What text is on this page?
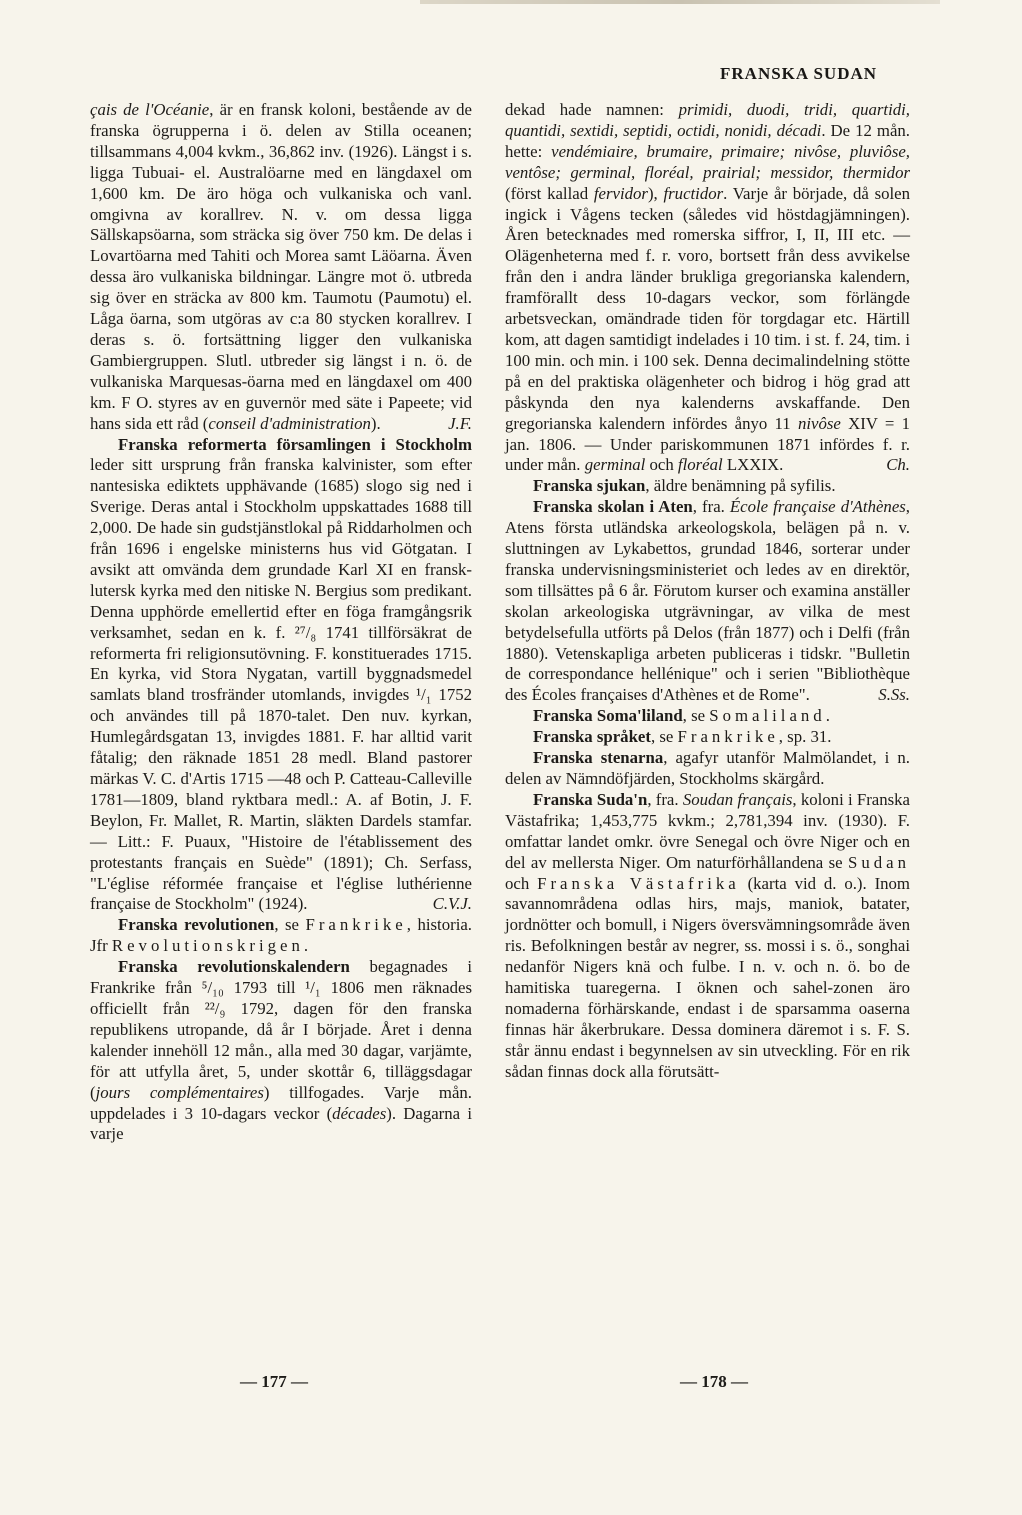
FRANSKA SUDAN

çais de l'Océanie, är en fransk koloni, bestående av de franska ögrupperna i ö. delen av Stilla oceanen; tillsammans 4,004 kvkm., 36,862 inv. (1926). Längst i s. ligga Tubuai- el. Australöarne med en längdaxel om 1,600 km. De äro höga och vulkaniska och vanl. omgivna av korallrev. N. v. om dessa ligga Sällskapsöarna, som sträcka sig över 750 km. De delas i Lovartöarna med Tahiti och Morea samt Läöarna. Även dessa äro vulkaniska bildningar. Längre mot ö. utbreda sig över en sträcka av 800 km. Taumotu (Paumotu) el. Låga öarna, som utgöras av c:a 80 stycken korallrev. I deras s. ö. fortsättning ligger den vulkaniska Gambiergruppen. Slutl. utbreder sig längst i n. ö. de vulkaniska Marquesas-öarna med en längdaxel om 400 km. F O. styres av en guvernör med säte i Papeete; vid hans sida ett råd (conseil d'administration).	J.F.

Franska reformerta församlingen i Stockholm leder sitt ursprung från franska kalvinister, som efter nantesiska ediktets upphävande (1685) slogo sig ned i Sverige. Deras antal i Stockholm uppskattades 1688 till 2,000. De hade sin gudstjänstlokal på Riddarholmen och från 1696 i engelske ministerns hus vid Götgatan. I avsikt att omvända dem grundade Karl XI en fransk-lutersk kyrka med den nitiske N. Bergius som predikant. Denna upphörde emellertid efter en föga framgångsrik verksamhet, sedan en k. f. ²⁷/₈ 1741 tillförsäkrat de reformerta fri religionsutövning. F. konstituerades 1715. En kyrka, vid Stora Nygatan, vartill byggnadsmedel samlats bland trosfränder utomlands, invigdes ¹/₁ 1752 och användes till på 1870-talet. Den nuv. kyrkan, Humlegårdsgatan 13, invigdes 1881. F. har alltid varit fåtalig; den räknade 1851 28 medl. Bland pastorer märkas V. C. d'Artis 1715 —48 och P. Catteau-Calleville 1781—1809, bland ryktbara medl.: A. af Botin, J. F. Beylon, Fr. Mallet, R. Martin, släkten Dardels stamfar. — Litt.: F. Puaux, "Histoire de l'établissement des protestants français en Suède" (1891); Ch. Serfass, "L'église réformée française et l'église luthérienne française de Stockholm" (1924).	C.V.J.

Franska revolutionen, se Frankrike, historia. Jfr Revolutionskrigen.

Franska revolutionskalendern begagnades i Frankrike från ⁵/₁₀ 1793 till ¹/₁ 1806 men räknades officiellt från ²²/₉ 1792, dagen för den franska republikens utropande, då år I började. Året i denna kalender innehöll 12 mån., alla med 30 dagar, varjämte, för att utfylla året, 5, under skottår 6, tilläggsdagar (jours complémentaires) tillfogades. Varje mån. uppdelades i 3 10-dagars veckor (décades). Dagarna i varje

dekad hade namnen: primidi, duodi, tridi, quartidi, quantidi, sextidi, septidi, octidi, nonidi, décadi. De 12 mån. hette: vendémiaire, brumaire, primaire; nivôse, pluviôse, ventôse; germinal, floréal, prairial; messidor, thermidor (först kallad fervidor), fructidor. Varje år började, då solen ingick i Vågens tecken (således vid höstdagjämningen). Åren betecknades med romerska siffror, I, II, III etc. — Olägenheterna med f. r. voro, bortsett från dess avvikelse från den i andra länder brukliga gregorianska kalendern, framförallt dess 10-dagars veckor, som förlängde arbetsveckan, omändrade tiden för torgdagar etc. Härtill kom, att dagen samtidigt indelades i 10 tim. i st. f. 24, tim. i 100 min. och min. i 100 sek. Denna decimalindelning stötte på en del praktiska olägenheter och bidrog i hög grad att påskynda den nya kalenderns avskaffande. Den gregorianska kalendern infördes ånyo 11 nivôse XIV = 1 jan. 1806. — Under pariskommunen 1871 infördes f. r. under mån. germinal och floréal LXXIX.	Ch.

Franska sjukan, äldre benämning på syfilis.

Franska skolan i Aten, fra. École française d'Athènes, Atens första utländska arkeologskola, belägen på n. v. sluttningen av Lykabettos, grundad 1846, sorterar under franska undervisningsministeriet och ledes av en direktör, som tillsättes på 6 år. Förutom kurser och examina anställer skolan arkeologiska utgrävningar, av vilka de mest betydelsefulla utförts på Delos (från 1877) och i Delfi (från 1880). Vetenskapliga arbeten publiceras i tidskr. "Bulletin de correspondance hellénique" och i serien "Bibliothèque des Écoles françaises d'Athènes et de Rome".	S.Ss.

Franska Soma'liland, se Somaliland.

Franska språket, se Frankrike, sp. 31.

Franska stenarna, agafyr utanför Malmölandet, i n. delen av Nämndöfjärden, Stockholms skärgård.

Franska Suda'n, fra. Soudan français, koloni i Franska Västafrika; 1,453,775 kvkm.; 2,781,394 inv. (1930). F. omfattar landet omkr. övre Senegal och övre Niger och en del av mellersta Niger. Om naturförhållandena se Sudan och Franska Västafrika (karta vid d. o.). Inom savannområdena odlas hirs, majs, maniok, batater, jordnötter och bomull, i Nigers översvämningsområde även ris. Befolkningen består av negrer, ss. mossi i s. ö., songhai nedanför Nigers knä och fulbe. I n. v. och n. ö. bo de hamitiska tuaregerna. I öknen och sahel-zonen äro nomaderna förhärskande, endast i de sparsamma oaserna finnas här åkerbrukare. Dessa dominera däremot i s. F. S. står ännu endast i begynnelsen av sin utveckling. För en rik sådan finnas dock alla förutsätt-

— 177 —	— 178 —
